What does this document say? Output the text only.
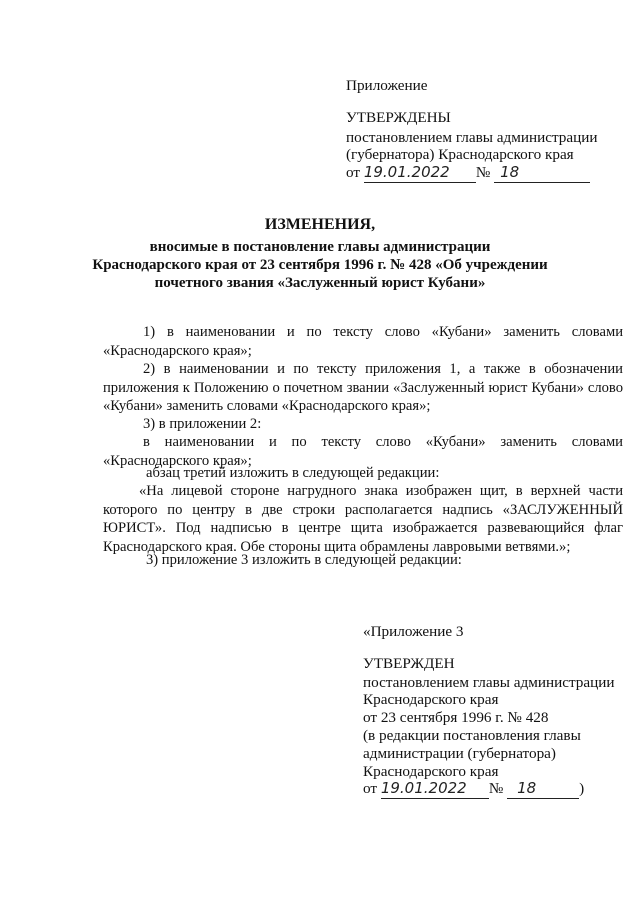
Приложение
УТВЕРЖДЕНЫ
постановлением главы администрации
(губернатора) Краснодарского края
от 19.01.2022 № 18
ИЗМЕНЕНИЯ,
вносимые в постановление главы администрации
Краснодарского края от 23 сентября 1996 г. № 428 «Об учреждении
почетного звания «Заслуженный юрист Кубани»
1) в наименовании и по тексту слово «Кубани» заменить словами «Краснодарского края»;
2) в наименовании и по тексту приложения 1, а также в обозначении приложения к Положению о почетном звании «Заслуженный юрист Кубани» слово «Кубани» заменить словами «Краснодарского края»;
3) в приложении 2:
в наименовании и по тексту слово «Кубани» заменить словами «Краснодарского края»;
абзац третий изложить в следующей редакции:
«На лицевой стороне нагрудного знака изображен щит, в верхней части которого по центру в две строки располагается надпись «ЗАСЛУЖЕННЫЙ ЮРИСТ». Под надписью в центре щита изображается развевающийся флаг Краснодарского края. Обе стороны щита обрамлены лавровыми ветвями.»;
3) приложение 3 изложить в следующей редакции:
«Приложение 3
УТВЕРЖДЕН
постановлением главы администрации
Краснодарского края
от 23 сентября 1996 г. № 428
(в редакции постановления главы
администрации (губернатора)
Краснодарского края
от 19.01.2022 № 18	)
